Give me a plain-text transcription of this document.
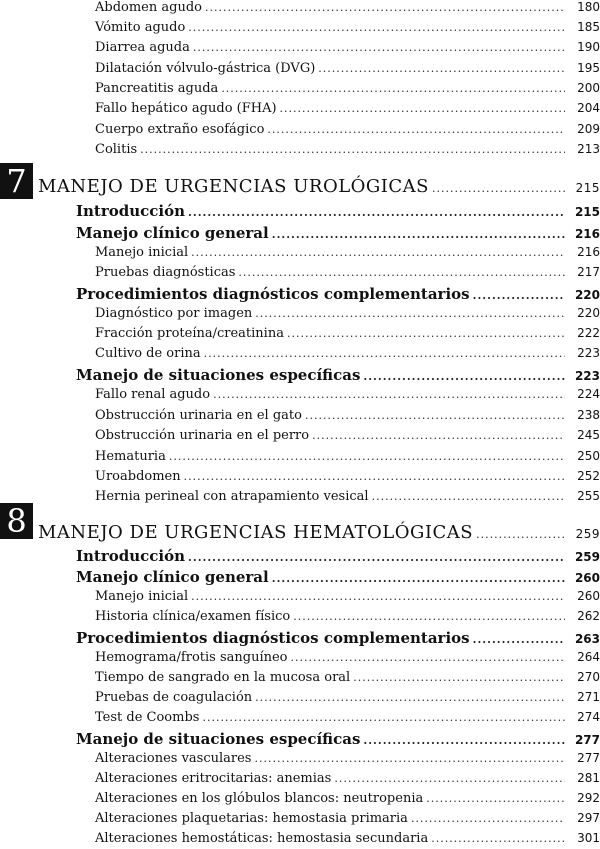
Abdomen agudo .....	180
Vómito agudo .....	185
Diarrea aguda .....	190
Dilatación vólvulo-gástrica (DVG) .....	195
Pancreatitis aguda .....	200
Fallo hepático agudo (FHA) .....	204
Cuerpo extraño esofágico .....	209
Colitis .....	213
7 MANEJO DE URGENCIAS UROLÓGICAS .....	215
Introducción .....	215
Manejo clínico general .....	216
Manejo inicial .....	216
Pruebas diagnósticas .....	217
Procedimientos diagnósticos complementarios .....	220
Diagnóstico por imagen .....	220
Fracción proteína/creatinina .....	222
Cultivo de orina .....	223
Manejo de situaciones específicas .....	223
Fallo renal agudo .....	224
Obstrucción urinaria en el gato .....	238
Obstrucción urinaria en el perro .....	245
Hematuria .....	250
Uroabdomen .....	252
Hernia perineal con atrapamiento vesical .....	255
8 MANEJO DE URGENCIAS HEMATOLÓGICAS .....	259
Introducción .....	259
Manejo clínico general .....	260
Manejo inicial .....	260
Historia clínica/examen físico .....	262
Procedimientos diagnósticos complementarios .....	263
Hemograma/frotis sanguíneo .....	264
Tiempo de sangrado en la mucosa oral .....	270
Pruebas de coagulación .....	271
Test de Coombs .....	274
Manejo de situaciones específicas .....	277
Alteraciones vasculares .....	277
Alteraciones eritrocitarias: anemias .....	281
Alteraciones en los glóbulos blancos: neutropenia .....	292
Alteraciones plaquetarias: hemostasia primaria .....	297
Alteraciones hemostáticas: hemostasia secundaria .....	301
